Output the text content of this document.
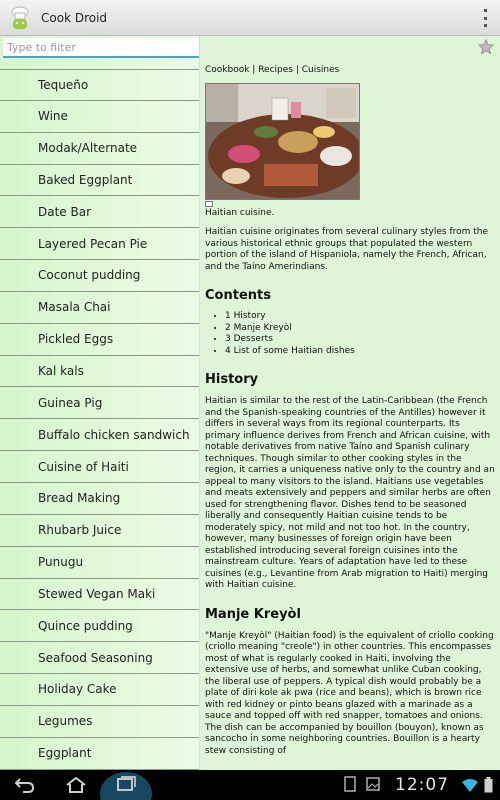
Cook Droid
Type to filter
Tequeño
Wine
Modak/Alternate
Baked Eggplant
Date Bar
Layered Pecan Pie
Coconut pudding
Masala Chai
Pickled Eggs
Kal kals
Guinea Pig
Buffalo chicken sandwich
Cuisine of Haiti
Bread Making
Rhubarb Juice
Punugu
Stewed Vegan Maki
Quince pudding
Seafood Seasoning
Holiday Cake
Legumes
Eggplant
Cookbook | Recipes | Cuisines
Haitian cuisine.

Haitian cuisine originates from several culinary styles from the various historical ethnic groups that populated the western portion of the island of Hispaniola, namely the French, African, and the Taíno Amerindians.

Contents
• 1 History
• 2 Manje Kreyòl
• 3 Desserts
• 4 List of some Haitian dishes
History

Haitian is similar to the rest of the Latin-Caribbean (the French and the Spanish-speaking countries of the Antilles) however it differs in several ways from its regional counterparts. Its primary influence derives from French and African cuisine, with notable derivatives from native Taíno and Spanish culinary techniques. Though similar to other cooking styles in the region, it carries a uniqueness native only to the country and an appeal to many visitors to the island. Haitians use vegetables and meats extensively and peppers and similar herbs are often used for strengthening flavor. Dishes tend to be seasoned liberally and consequently Haitian cuisine tends to be moderately spicy, not mild and not too hot. In the country, however, many businesses of foreign origin have been established introducing several foreign cuisines into the mainstream culture. Years of adaptation have led to these cuisines (e.g., Levantine from Arab migration to Haiti) merging with Haitian cuisine.

Manje Kreyòl

"Manje Kreyòl" (Haitian food) is the equivalent of criollo cooking (criollo meaning "creole") in other countries. This encompasses most of what is regularly cooked in Haiti, involving the extensive use of herbs, and somewhat unlike Cuban cooking, the liberal use of peppers. A typical dish would probably be a plate of diri kole ak pwa (rice and beans), which is brown rice with red kidney or pinto beans glazed with a marinade as a sauce and topped off with red snapper, tomatoes and onions. The dish can be accompanied by bouillon (bouyon), known as sancocho in some neighboring countries. Bouillon is a hearty stew consisting of

12:07
